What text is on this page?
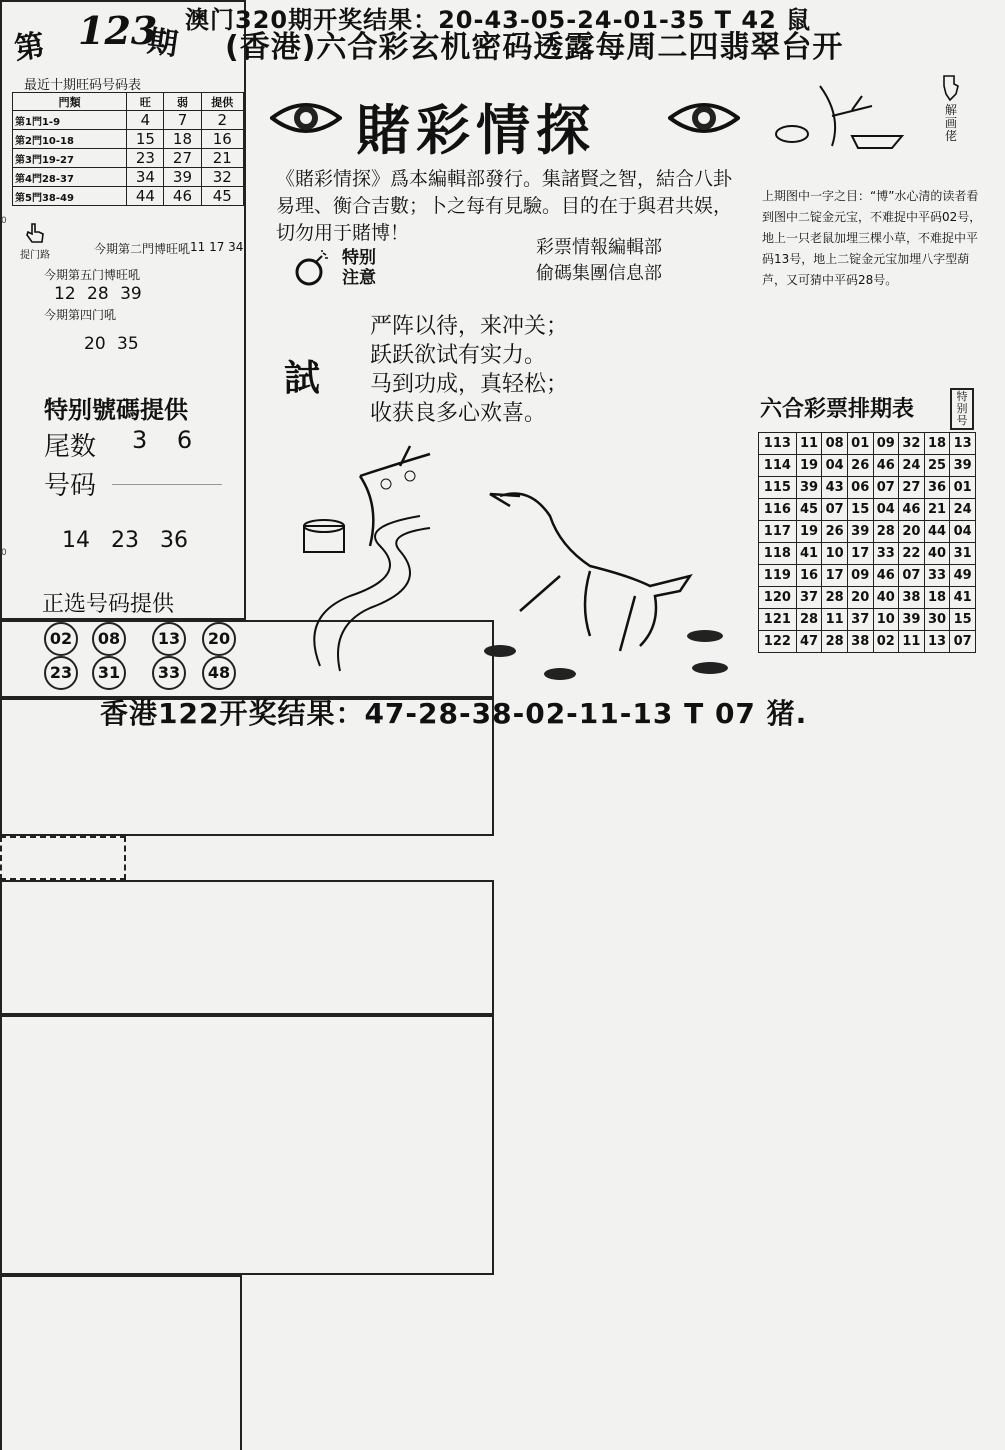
澳门320期开奖结果：20-43-05-24-01-35 T 42 鼠
第 123
期 (香港)六合彩玄机密码透露每周二四翡翠台开
最近十期旺码号码表
門類	旺	弱	提供
第1門1-9	4	7	2
第2門10-18	15	18	16
第3門19-27	23	27	21
第4門28-37	34	39	32
第5門38-49	44	46	45
0
0
提门路	今期第二門博旺吼 11 17 34
今期第五门博旺吼
12 28 39
今期第四门吼
20 35
特别號碼提供
尾数 3 6
号码
14 23 36
正选号码提供
02	08	13	20
23	31	33	48
賭彩情探
《賭彩情探》爲本編輯部發行。集諸賢之智，結合八卦易理、衡合吉數；卜之每有見驗。目的在于與君共娱，切勿用于賭博！
特别
注意
彩票情報編輯部
偷碼集團信息部
試
严阵以待，来冲关；
跃跃欲试有实力。
马到功成，真轻松；
收获良多心欢喜。
解画佬
上期图中一字之目：“博”水心清的读者看到图中二锭金元宝，不难捉中平码02号，地上一只老鼠加埋三棵小草，不难捉中平码13号，地上二锭金元宝加埋八字型葫芦，又可猜中平码28号。
六合彩票排期表
特别号
113	11	08	01	09	32	18	13
114	19	04	26	46	24	25	39
115	39	43	06	07	27	36	01
116	45	07	15	04	46	21	24
117	19	26	39	28	20	44	04
118	41	10	17	33	22	40	31
119	16	17	09	46	07	33	49
120	37	28	20	40	38	18	41
121	28	11	37	10	39	30	15
122	47	28	38	02	11	13	07
香港122开奖结果：47-28-38-02-11-13 T 07 猪.
